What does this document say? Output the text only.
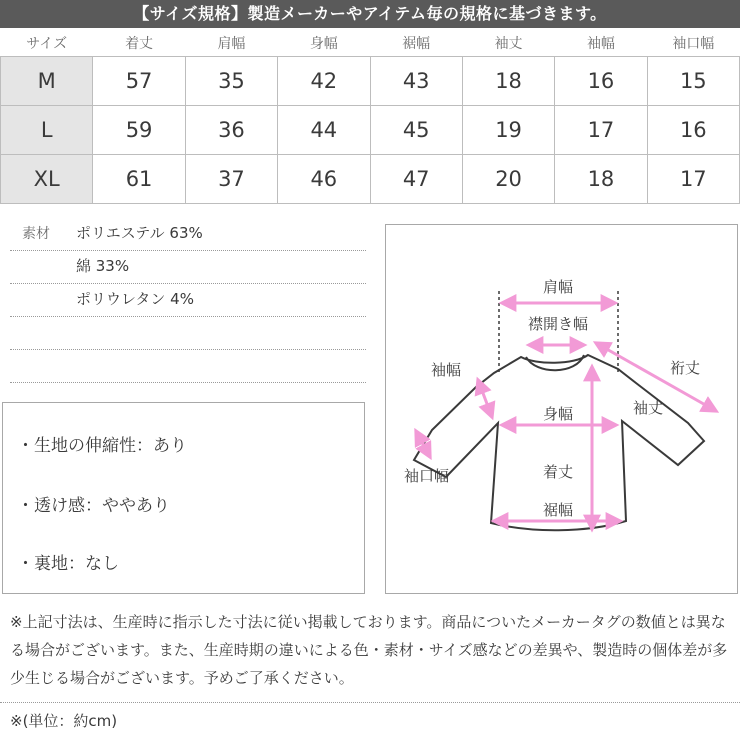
【サイズ規格】製造メーカーやアイテム毎の規格に基づきます。
サイズ	着丈	肩幅	身幅	裾幅	袖丈	袖幅	袖口幅
M	57	35	42	43	18	16	15
L	59	36	44	45	19	17	16
XL	61	37	46	47	20	18	17
素材 ポリエステル 63%
綿 33%
ポリウレタン 4%
・生地の伸縮性：あり
・透け感：ややあり
・裏地：なし
肩幅
襟開き幅
袖幅	裄丈
袖丈
身幅
着丈
裾幅
袖口幅
※上記寸法は、生産時に指示した寸法に従い掲載しております。商品についたメーカータグの数値とは異なる場合がございます。また、生産時期の違いによる色・素材・サイズ感などの差異や、製造時の個体差が多少生じる場合がございます。予めご了承ください。
※(単位：約cm)
